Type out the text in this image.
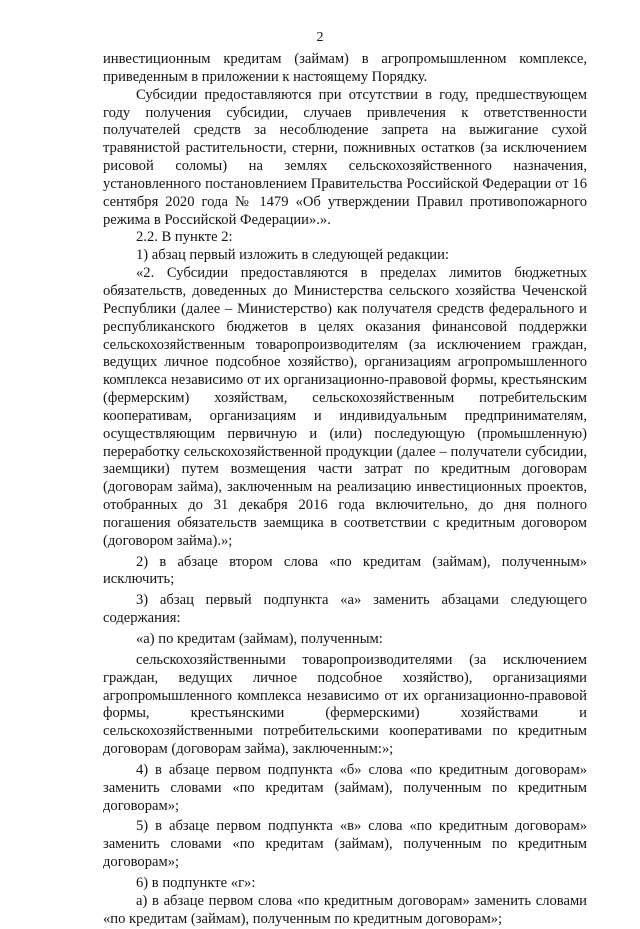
2

инвестиционным кредитам (займам) в агропромышленном комплексе, приведенным в приложении к настоящему Порядку.

Субсидии предоставляются при отсутствии в году, предшествующем году получения субсидии, случаев привлечения к ответственности получателей средств за несоблюдение запрета на выжигание сухой травянистой растительности, стерни, пожнивных остатков (за исключением рисовой соломы) на землях сельскохозяйственного назначения, установленного постановлением Правительства Российской Федерации от 16 сентября 2020 года № 1479 «Об утверждении Правил противопожарного режима в Российской Федерации».».

2.2. В пункте 2:

1) абзац первый изложить в следующей редакции:

«2. Субсидии предоставляются в пределах лимитов бюджетных обязательств, доведенных до Министерства сельского хозяйства Чеченской Республики (далее – Министерство) как получателя средств федерального и республиканского бюджетов в целях оказания финансовой поддержки сельскохозяйственным товаропроизводителям (за исключением граждан, ведущих личное подсобное хозяйство), организациям агропромышленного комплекса независимо от их организационно-правовой формы, крестьянским (фермерским) хозяйствам, сельскохозяйственным потребительским кооперативам, организациям и индивидуальным предпринимателям, осуществляющим первичную и (или) последующую (промышленную) переработку сельскохозяйственной продукции (далее – получатели субсидии, заемщики) путем возмещения части затрат по кредитным договорам (договорам займа), заключенным на реализацию инвестиционных проектов, отобранных до 31 декабря 2016 года включительно, до дня полного погашения обязательств заемщика в соответствии с кредитным договором (договором займа).»;

2) в абзаце втором слова «по кредитам (займам), полученным» исключить;

3) абзац первый подпункта «а» заменить абзацами следующего содержания:

«а) по кредитам (займам), полученным:

сельскохозяйственными товаропроизводителями (за исключением граждан, ведущих личное подсобное хозяйство), организациями агропромышленного комплекса независимо от их организационно-правовой формы, крестьянскими (фермерскими) хозяйствами и сельскохозяйственными потребительскими кооперативами по кредитным договорам (договорам займа), заключенным:»;

4) в абзаце первом подпункта «б» слова «по кредитным договорам» заменить словами «по кредитам (займам), полученным по кредитным договорам»;

5) в абзаце первом подпункта «в» слова «по кредитным договорам» заменить словами «по кредитам (займам), полученным по кредитным договорам»;

6) в подпункте «г»:

а) в абзаце первом слова «по кредитным договорам» заменить словами «по кредитам (займам), полученным по кредитным договорам»;
